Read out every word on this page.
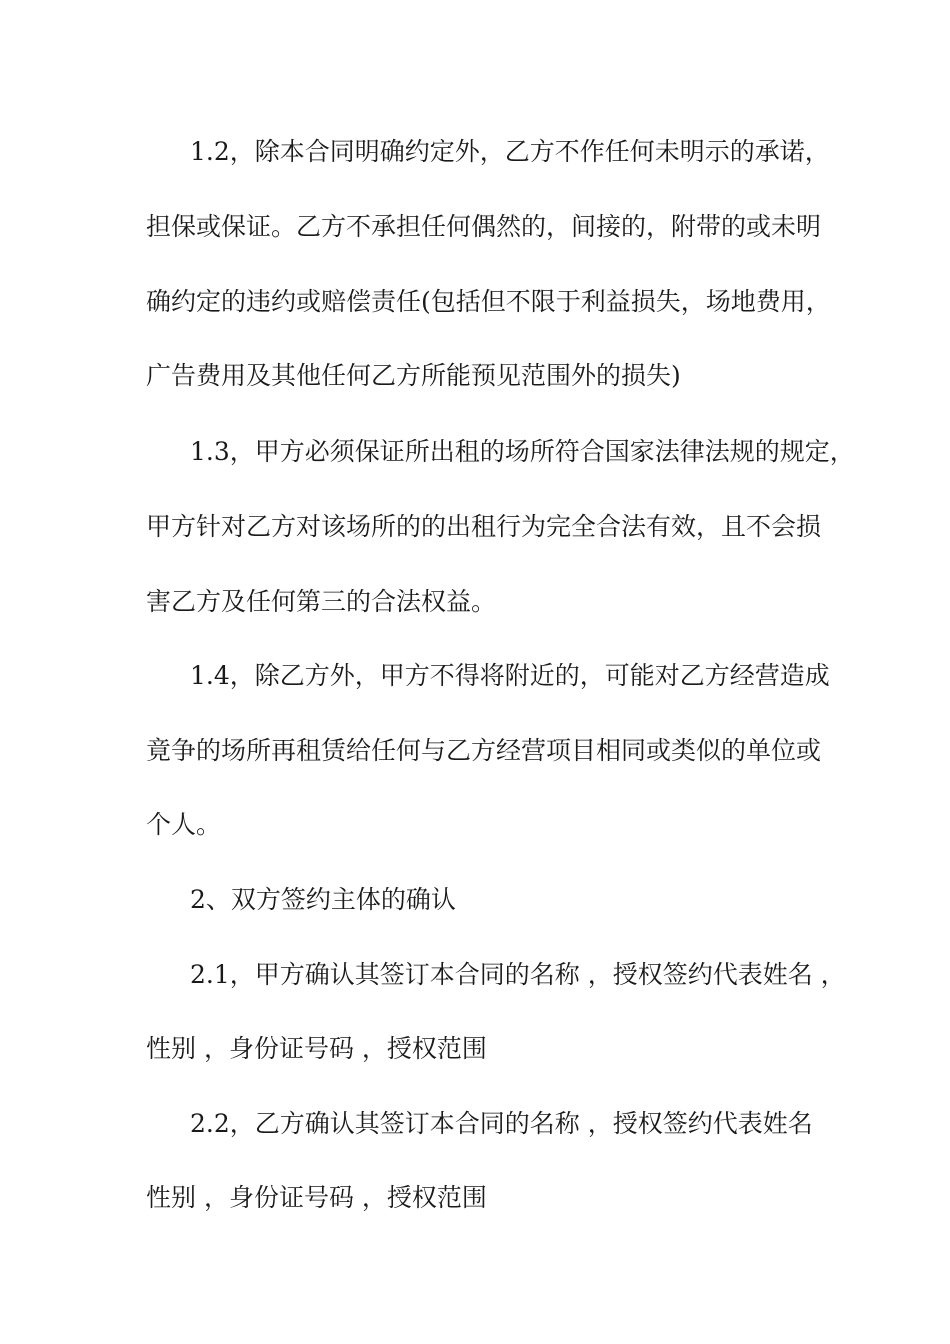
1.2，除本合同明确约定外，乙方不作任何未明示的承诺，
担保或保证。乙方不承担任何偶然的，间接的，附带的或未明
确约定的违约或赔偿责任(包括但不限于利益损失，场地费用，
广告费用及其他任何乙方所能预见范围外的损失)
1.3，甲方必须保证所出租的场所符合国家法律法规的规定，
甲方针对乙方对该场所的的出租行为完全合法有效，且不会损
害乙方及任何第三的合法权益。
1.4，除乙方外，甲方不得将附近的，可能对乙方经营造成
竟争的场所再租赁给任何与乙方经营项目相同或类似的单位或
个人。
2、双方签约主体的确认
2.1，甲方确认其签订本合同的名称 ，授权签约代表姓名 ，
性别 ，身份证号码 ，授权范围
2.2，乙方确认其签订本合同的名称 ，授权签约代表姓名
性别 ，身份证号码 ，授权范围
